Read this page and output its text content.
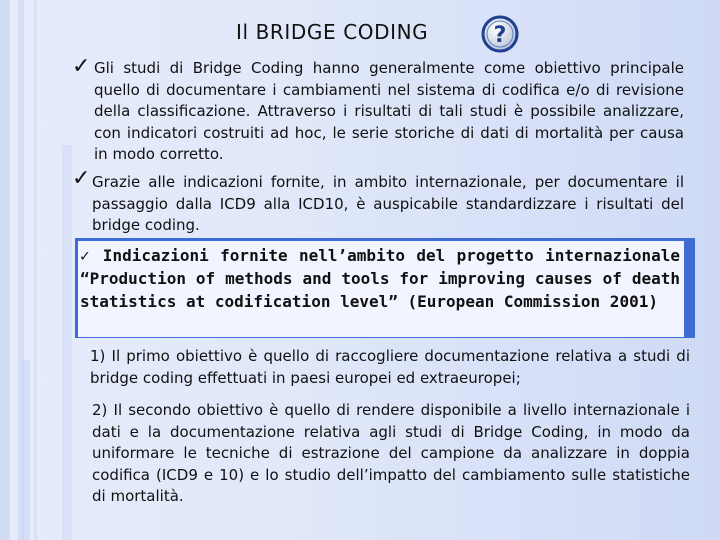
Il BRIDGE CODING	?
✓ Gli studi di Bridge Coding hanno generalmente come obiettivo principale quello di documentare i cambiamenti nel sistema di codifica e/o di revisione della classificazione. Attraverso i risultati di tali studi è possibile analizzare, con indicatori costruiti ad hoc, le serie storiche di dati di mortalità per causa in modo corretto.
✓ Grazie alle indicazioni fornite, in ambito internazionale, per documentare il passaggio dalla ICD9 alla ICD10, è auspicabile standardizzare i risultati del bridge coding.
✓ Indicazioni fornite nell’ambito del progetto internazionale “Production of methods and tools for improving causes of death statistics at codification level” (European Commission 2001)
1) Il primo obiettivo è quello di raccogliere documentazione relativa a studi di bridge coding effettuati in paesi europei ed extraeuropei;
2) Il secondo obiettivo è quello di rendere disponibile a livello internazionale i dati e la documentazione relativa agli studi di Bridge Coding, in modo da uniformare le tecniche di estrazione del campione da analizzare in doppia codifica (ICD9 e 10) e lo studio dell’impatto del cambiamento sulle statistiche di mortalità.
